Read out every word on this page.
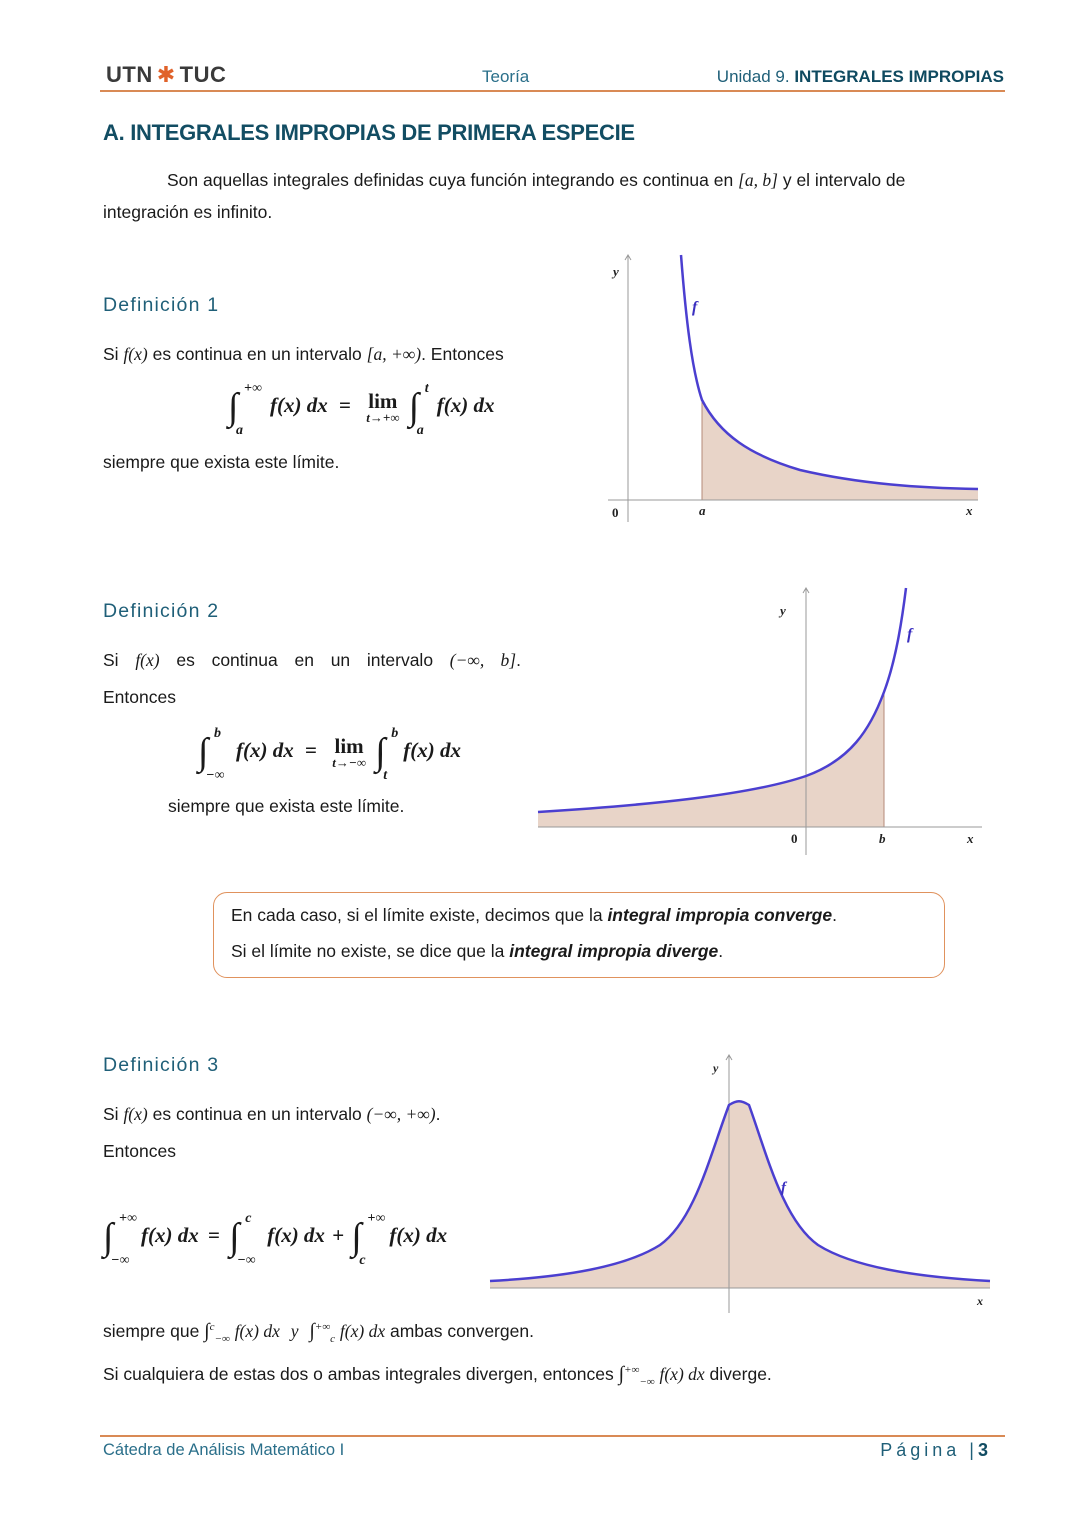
UTN ✱ TUC	Teoría	Unidad 9. INTEGRALES IMPROPIAS
A. INTEGRALES IMPROPIAS DE PRIMERA ESPECIE
Son aquellas integrales definidas cuya función integrando es continua en [a, b] y el intervalo de integración es infinito.
Definición 1
Si f(x) es continua en un intervalo [a, +∞). Entonces
∫ +∞
a
f(x) dx = lim
t→+∞ ∫ t
a
f(x) dx
siempre que exista este límite.
y
f
0	a	x
Definición 2
Si f(x) es continua en un intervalo (−∞, b].
Entonces
∫ b
−∞
f(x) dx = lim
t→−∞ ∫ b
t
f(x) dx
siempre que exista este límite.
y
f
0	b	x
En cada caso, si el límite existe, decimos que la integral impropia converge.
Si el límite no existe, se dice que la integral impropia diverge.
Definición 3
Si f(x) es continua en un intervalo (−∞, +∞).
Entonces
∫ +∞
−∞
f(x) dx = ∫ c
−∞
f(x) dx + ∫ +∞
c
f(x) dx
y
f
x
siempre que ∫$^c_{-\infty}$ f(x) dx y $\int^{+\infty}_c$ f(x) dx ambas convergen.
Si cualquiera de estas dos o ambas integrales divergen, entonces $\int^{+\infty}_{-\infty}$ f(x) dx diverge.
Cátedra de Análisis Matemático I	Página |3
